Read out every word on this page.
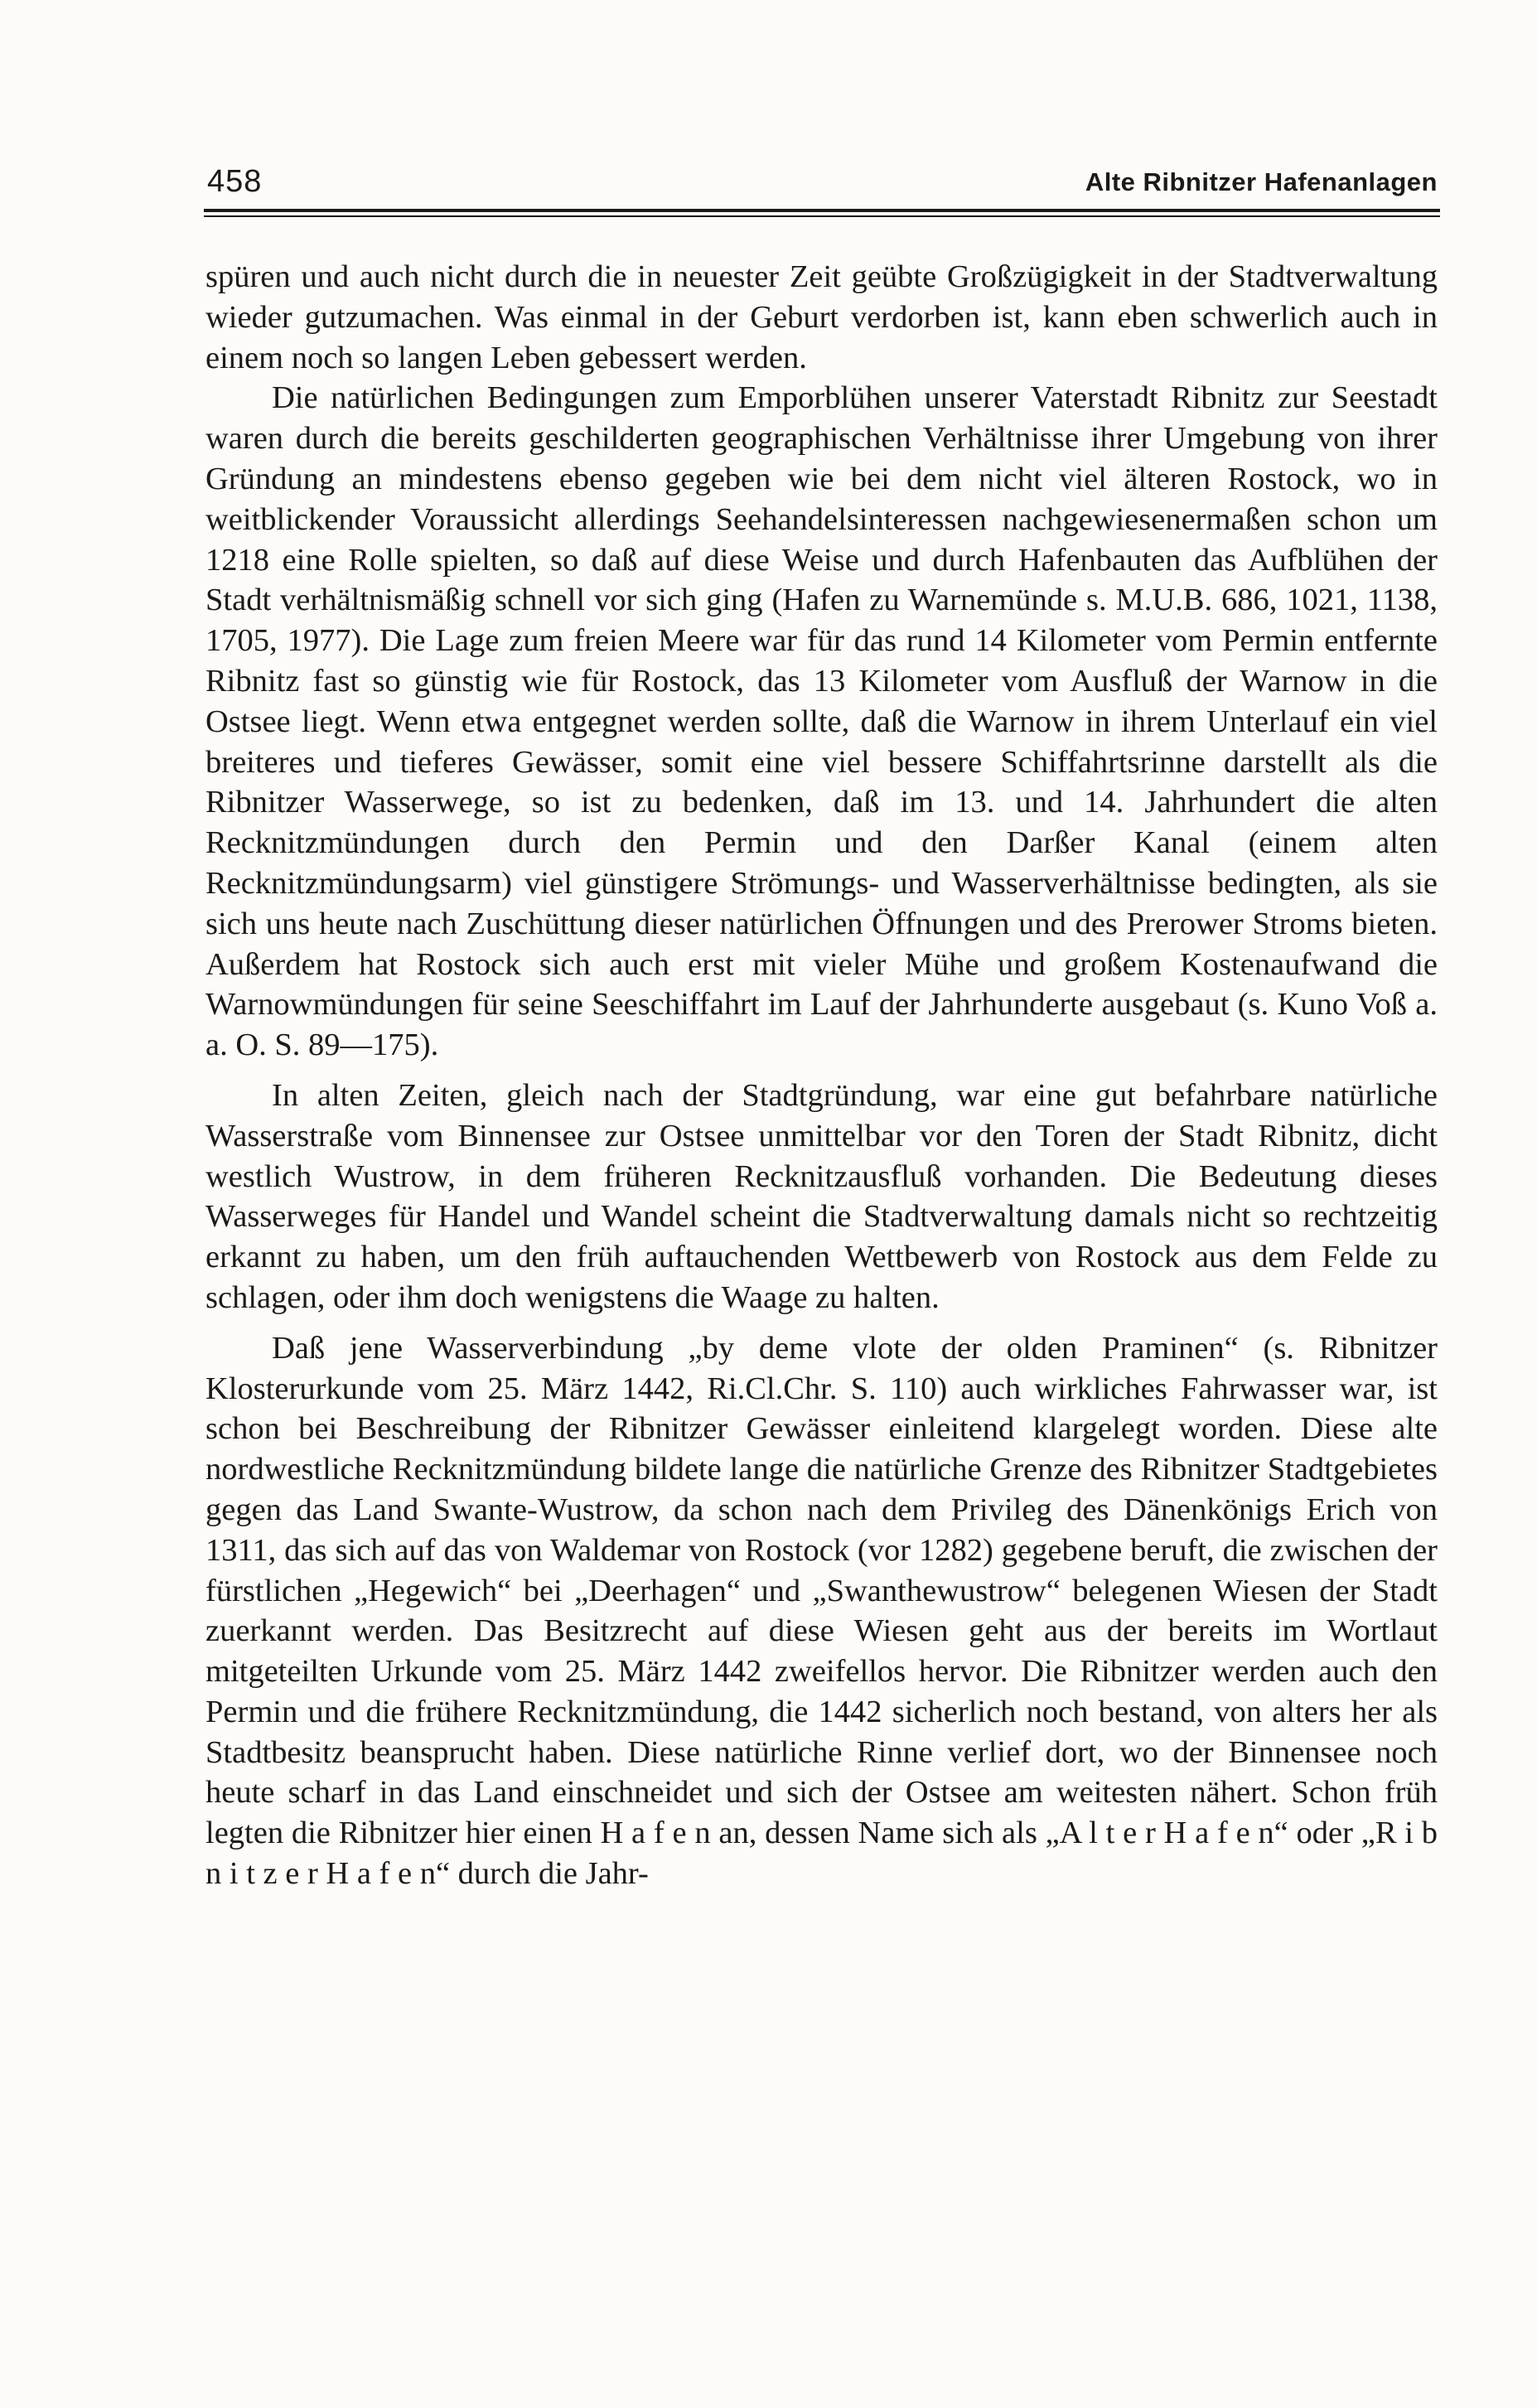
458	Alte Ribnitzer Hafenanlagen

spüren und auch nicht durch die in neuester Zeit geübte Großzügigkeit in der Stadtverwaltung wieder gutzumachen. Was einmal in der Geburt verdorben ist, kann eben schwerlich auch in einem noch so langen Leben gebessert werden.

Die natürlichen Bedingungen zum Emporblühen unserer Vaterstadt Ribnitz zur Seestadt waren durch die bereits geschilderten geographischen Verhältnisse ihrer Umgebung von ihrer Gründung an mindestens ebenso gegeben wie bei dem nicht viel älteren Rostock, wo in weitblickender Voraussicht allerdings Seehandelsinteressen nachgewiesenermaßen schon um 1218 eine Rolle spielten, so daß auf diese Weise und durch Hafenbauten das Aufblühen der Stadt verhältnismäßig schnell vor sich ging (Hafen zu Warnemünde s. M.U.B. 686, 1021, 1138, 1705, 1977). Die Lage zum freien Meere war für das rund 14 Kilometer vom Permin entfernte Ribnitz fast so günstig wie für Rostock, das 13 Kilometer vom Ausfluß der Warnow in die Ostsee liegt. Wenn etwa entgegnet werden sollte, daß die Warnow in ihrem Unterlauf ein viel breiteres und tieferes Gewässer, somit eine viel bessere Schiffahrtsrinne darstellt als die Ribnitzer Wasserwege, so ist zu bedenken, daß im 13. und 14. Jahrhundert die alten Recknitzmündungen durch den Permin und den Darßer Kanal (einem alten Recknitzmündungsarm) viel günstigere Strömungs- und Wasserverhältnisse bedingten, als sie sich uns heute nach Zuschüttung dieser natürlichen Öffnungen und des Prerower Stroms bieten. Außerdem hat Rostock sich auch erst mit vieler Mühe und großem Kostenaufwand die Warnowmündungen für seine Seeschiffahrt im Lauf der Jahrhunderte ausgebaut (s. Kuno Voß a. a. O. S. 89—175).

In alten Zeiten, gleich nach der Stadtgründung, war eine gut befahrbare natürliche Wasserstraße vom Binnensee zur Ostsee unmittelbar vor den Toren der Stadt Ribnitz, dicht westlich Wustrow, in dem früheren Recknitzausfluß vorhanden. Die Bedeutung dieses Wasserweges für Handel und Wandel scheint die Stadtverwaltung damals nicht so rechtzeitig erkannt zu haben, um den früh auftauchenden Wettbewerb von Rostock aus dem Felde zu schlagen, oder ihm doch wenigstens die Waage zu halten.

Daß jene Wasserverbindung „by deme vlote der olden Praminen“ (s. Ribnitzer Klosterurkunde vom 25. März 1442, Ri.Cl.Chr. S. 110) auch wirkliches Fahrwasser war, ist schon bei Beschreibung der Ribnitzer Gewässer einleitend klargelegt worden. Diese alte nordwestliche Recknitzmündung bildete lange die natürliche Grenze des Ribnitzer Stadtgebietes gegen das Land Swante-Wustrow, da schon nach dem Privileg des Dänenkönigs Erich von 1311, das sich auf das von Waldemar von Rostock (vor 1282) gegebene beruft, die zwischen der fürstlichen „Hegewich“ bei „Deerhagen“ und „Swanthewustrow“ belegenen Wiesen der Stadt zuerkannt werden. Das Besitzrecht auf diese Wiesen geht aus der bereits im Wortlaut mitgeteilten Urkunde vom 25. März 1442 zweifellos hervor. Die Ribnitzer werden auch den Permin und die frühere Recknitzmündung, die 1442 sicherlich noch bestand, von alters her als Stadtbesitz beansprucht haben. Diese natürliche Rinne verlief dort, wo der Binnensee noch heute scharf in das Land einschneidet und sich der Ostsee am weitesten nähert. Schon früh legten die Ribnitzer hier einen H a f e n an, dessen Name sich als „A l t e r H a f e n“ oder „R i b n i t z e r H a f e n“ durch die Jahr-
